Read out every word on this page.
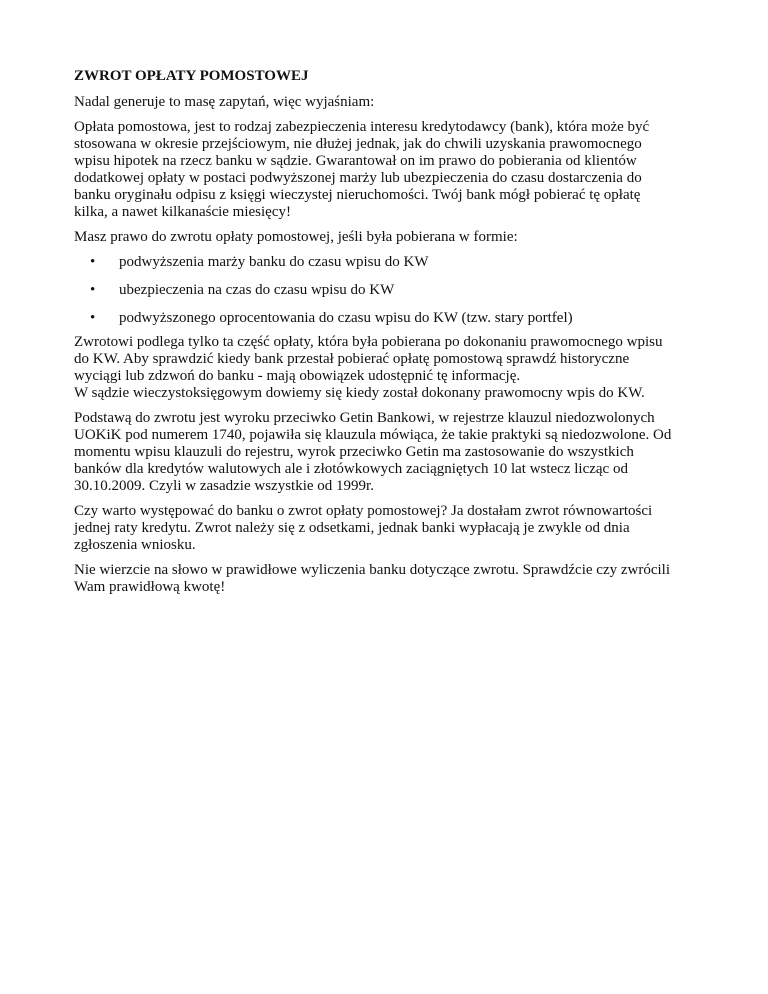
ZWROT OPŁATY POMOSTOWEJ

Nadal generuje to masę zapytań, więc wyjaśniam:

Opłata pomostowa, jest to rodzaj zabezpieczenia interesu kredytodawcy (bank), która może być
stosowana w okresie przejściowym, nie dłużej jednak, jak do chwili uzyskania prawomocnego
wpisu hipotek na rzecz banku w sądzie. Gwarantował on im prawo do pobierania od klientów
dodatkowej opłaty w postaci podwyższonej marży lub ubezpieczenia do czasu dostarczenia do
banku oryginału odpisu z księgi wieczystej nieruchomości. Twój bank mógł pobierać tę opłatę
kilka, a nawet kilkanaście miesięcy!

Masz prawo do zwrotu opłaty pomostowej, jeśli była pobierana w formie:

• podwyższenia marży banku do czasu wpisu do KW
• ubezpieczenia na czas do czasu wpisu do KW
• podwyższonego oprocentowania do czasu wpisu do KW (tzw. stary portfel)

Zwrotowi podlega tylko ta część opłaty, która była pobierana po dokonaniu prawomocnego wpisu
do KW. Aby sprawdzić kiedy bank przestał pobierać opłatę pomostową sprawdź historyczne
wyciągi lub zdzwoń do banku - mają obowiązek udostępnić tę informację.
W sądzie wieczystoksięgowym dowiemy się kiedy został dokonany prawomocny wpis do KW.

Podstawą do zwrotu jest wyroku przeciwko Getin Bankowi, w rejestrze klauzul niedozwolonych
UOKiK pod numerem 1740, pojawiła się klauzula mówiąca, że takie praktyki są niedozwolone. Od
momentu wpisu klauzuli do rejestru, wyrok przeciwko Getin ma zastosowanie do wszystkich
banków dla kredytów walutowych ale i złotówkowych zaciągniętych 10 lat wstecz licząc od
30.10.2009. Czyli w zasadzie wszystkie od 1999r.

Czy warto występować do banku o zwrot opłaty pomostowej? Ja dostałam zwrot równowartości
jednej raty kredytu. Zwrot należy się z odsetkami, jednak banki wypłacają je zwykle od dnia
zgłoszenia wniosku.

Nie wierzcie na słowo w prawidłowe wyliczenia banku dotyczące zwrotu. Sprawdźcie czy zwrócili
Wam prawidłową kwotę!
